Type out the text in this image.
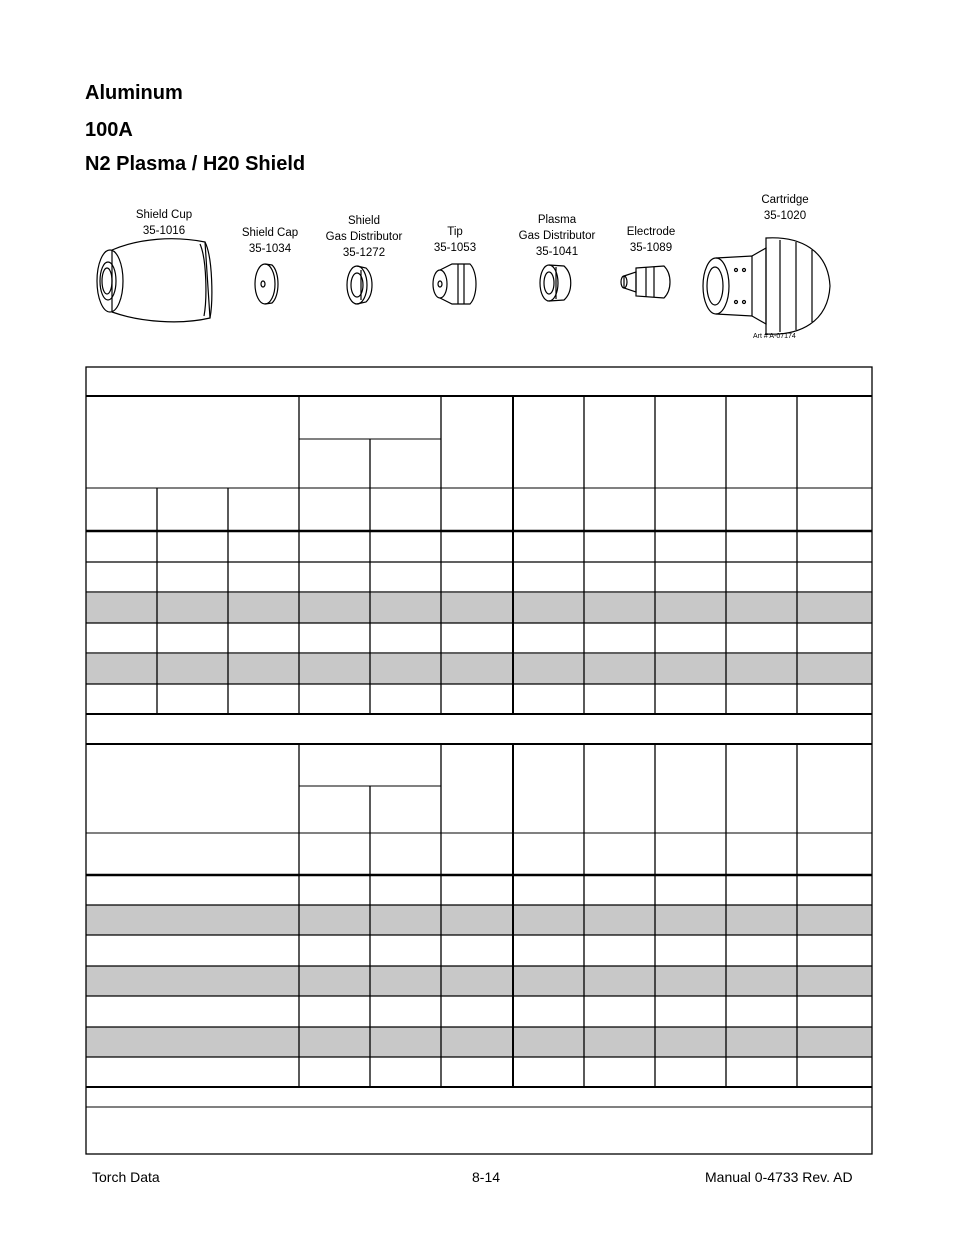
Aluminum
100A
N2 Plasma / H20 Shield
Shield Cup
35-1016	Shield Cap
35-1034
Shield
Gas Distributor
35-1272
Tip
35-1053
Plasma
Gas Distributor
35-1041
Electrode
35-1089
Cartridge
35-1020
Art # A-07174
Torch Data	8-14	Manual 0-4733 Rev. AD
